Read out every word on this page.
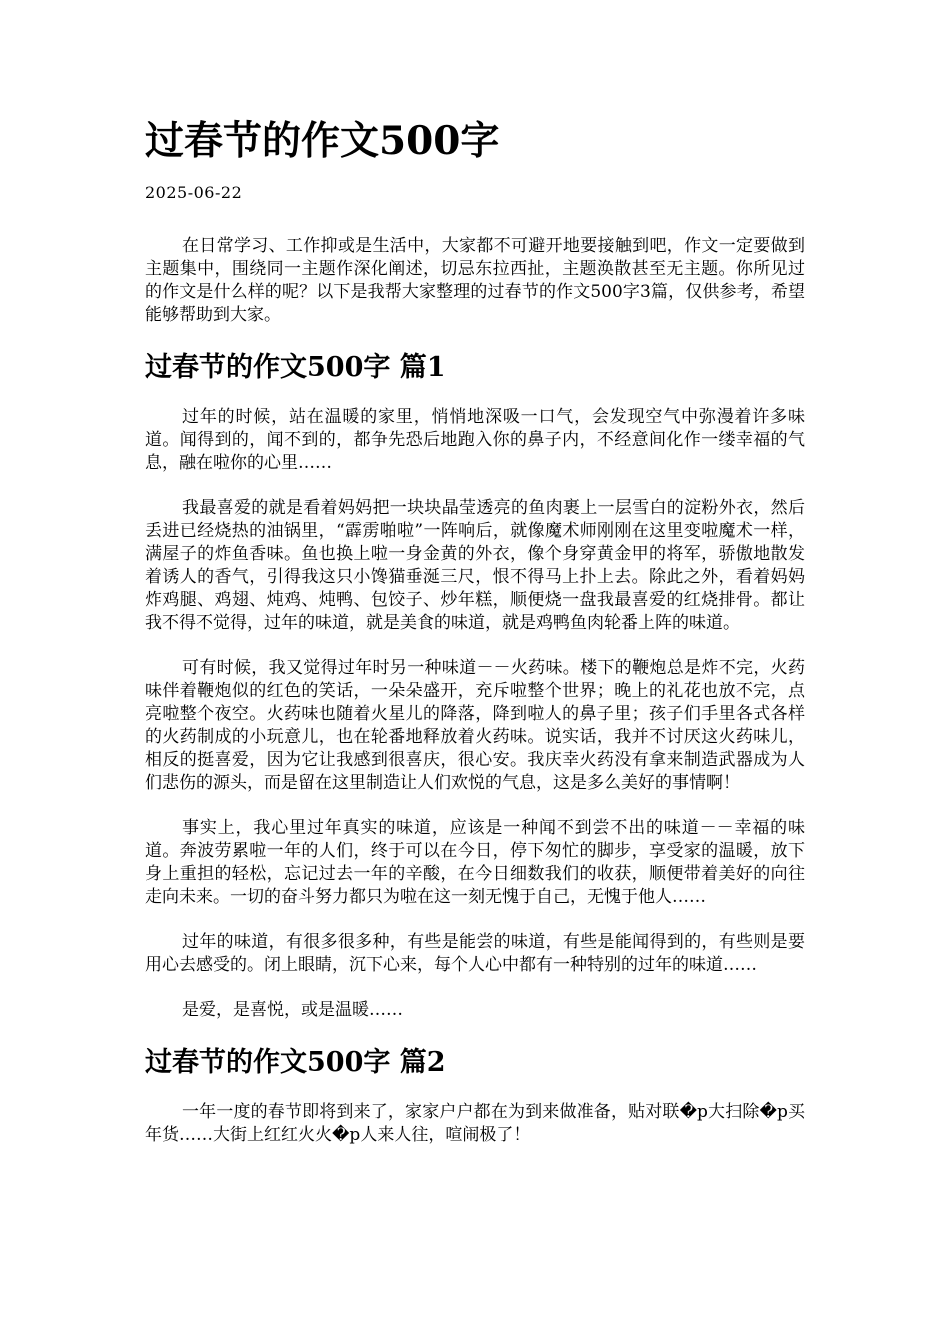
过春节的作文500字
2025-06-22

在日常学习、工作抑或是生活中，大家都不可避开地要接触到吧，作文一定要做到主题集中，围绕同一主题作深化阐述，切忌东拉西扯，主题涣散甚至无主题。你所见过的作文是什么样的呢？以下是我帮大家整理的过春节的作文500字3篇，仅供参考，希望能够帮助到大家。

过春节的作文500字 篇1

过年的时候，站在温暖的家里，悄悄地深吸一口气，会发现空气中弥漫着许多味道。闻得到的，闻不到的，都争先恐后地跑入你的鼻子内，不经意间化作一缕幸福的气息，融在啦你的心里……

我最喜爱的就是看着妈妈把一块块晶莹透亮的鱼肉裹上一层雪白的淀粉外衣，然后丢进已经烧热的油锅里，“霹雳啪啦”一阵响后，就像魔术师刚刚在这里变啦魔术一样，满屋子的炸鱼香味。鱼也换上啦一身金黄的外衣，像个身穿黄金甲的将军，骄傲地散发着诱人的香气，引得我这只小馋猫垂涎三尺，恨不得马上扑上去。除此之外，看着妈妈炸鸡腿、鸡翅、炖鸡、炖鸭、包饺子、炒年糕，顺便烧一盘我最喜爱的红烧排骨。都让我不得不觉得，过年的味道，就是美食的味道，就是鸡鸭鱼肉轮番上阵的味道。

可有时候，我又觉得过年时另一种味道－－火药味。楼下的鞭炮总是炸不完，火药味伴着鞭炮似的红色的笑话，一朵朵盛开，充斥啦整个世界；晚上的礼花也放不完，点亮啦整个夜空。火药味也随着火星儿的降落，降到啦人的鼻子里；孩子们手里各式各样的火药制成的小玩意儿，也在轮番地释放着火药味。说实话，我并不讨厌这火药味儿，相反的挺喜爱，因为它让我感到很喜庆，很心安。我庆幸火药没有拿来制造武器成为人们悲伤的源头，而是留在这里制造让人们欢悦的气息，这是多么美好的事情啊！

事实上，我心里过年真实的味道，应该是一种闻不到尝不出的味道－－幸福的味道。奔波劳累啦一年的人们，终于可以在今日，停下匆忙的脚步，享受家的温暖，放下身上重担的轻松，忘记过去一年的辛酸，在今日细数我们的收获，顺便带着美好的向往走向未来。一切的奋斗努力都只为啦在这一刻无愧于自己，无愧于他人……

过年的味道，有很多很多种，有些是能尝的味道，有些是能闻得到的，有些则是要用心去感受的。闭上眼睛，沉下心来，每个人心中都有一种特别的过年的味道……

是爱，是喜悦，或是温暖……

过春节的作文500字 篇2

一年一度的春节即将到来了，家家户户都在为到来做准备，贴对联�p大扫除�p买年货……大街上红红火火�p人来人往，喧闹极了！
